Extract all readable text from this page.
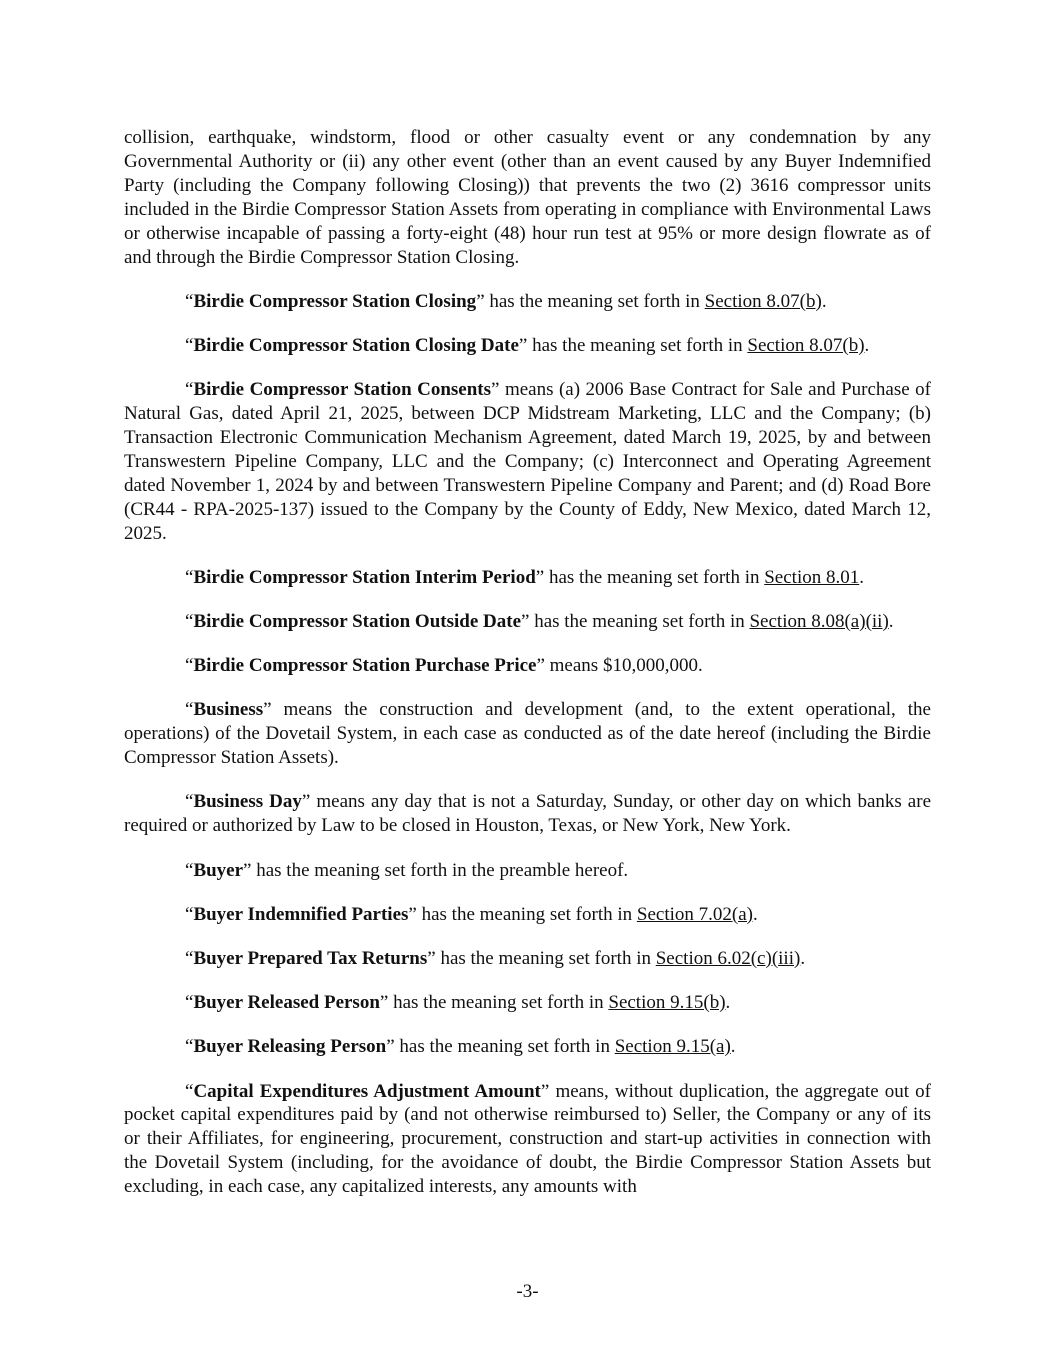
collision, earthquake, windstorm, flood or other casualty event or any condemnation by any Governmental Authority or (ii) any other event (other than an event caused by any Buyer Indemnified Party (including the Company following Closing)) that prevents the two (2) 3616 compressor units included in the Birdie Compressor Station Assets from operating in compliance with Environmental Laws or otherwise incapable of passing a forty-eight (48) hour run test at 95% or more design flowrate as of and through the Birdie Compressor Station Closing.

“Birdie Compressor Station Closing” has the meaning set forth in Section 8.07(b).

“Birdie Compressor Station Closing Date” has the meaning set forth in Section 8.07(b).

“Birdie Compressor Station Consents” means (a) 2006 Base Contract for Sale and Purchase of Natural Gas, dated April 21, 2025, between DCP Midstream Marketing, LLC and the Company; (b) Transaction Electronic Communication Mechanism Agreement, dated March 19, 2025, by and between Transwestern Pipeline Company, LLC and the Company; (c) Interconnect and Operating Agreement dated November 1, 2024 by and between Transwestern Pipeline Company and Parent; and (d) Road Bore (CR44 - RPA-2025-137) issued to the Company by the County of Eddy, New Mexico, dated March 12, 2025.

“Birdie Compressor Station Interim Period” has the meaning set forth in Section 8.01.

“Birdie Compressor Station Outside Date” has the meaning set forth in Section 8.08(a)(ii).

“Birdie Compressor Station Purchase Price” means $10,000,000.

“Business” means the construction and development (and, to the extent operational, the operations) of the Dovetail System, in each case as conducted as of the date hereof (including the Birdie Compressor Station Assets).

“Business Day” means any day that is not a Saturday, Sunday, or other day on which banks are required or authorized by Law to be closed in Houston, Texas, or New York, New York.

“Buyer” has the meaning set forth in the preamble hereof.

“Buyer Indemnified Parties” has the meaning set forth in Section 7.02(a).

“Buyer Prepared Tax Returns” has the meaning set forth in Section 6.02(c)(iii).

“Buyer Released Person” has the meaning set forth in Section 9.15(b).

“Buyer Releasing Person” has the meaning set forth in Section 9.15(a).

“Capital Expenditures Adjustment Amount” means, without duplication, the aggregate out of pocket capital expenditures paid by (and not otherwise reimbursed to) Seller, the Company or any of its or their Affiliates, for engineering, procurement, construction and start-up activities in connection with the Dovetail System (including, for the avoidance of doubt, the Birdie Compressor Station Assets but excluding, in each case, any capitalized interests, any amounts with

-3-
